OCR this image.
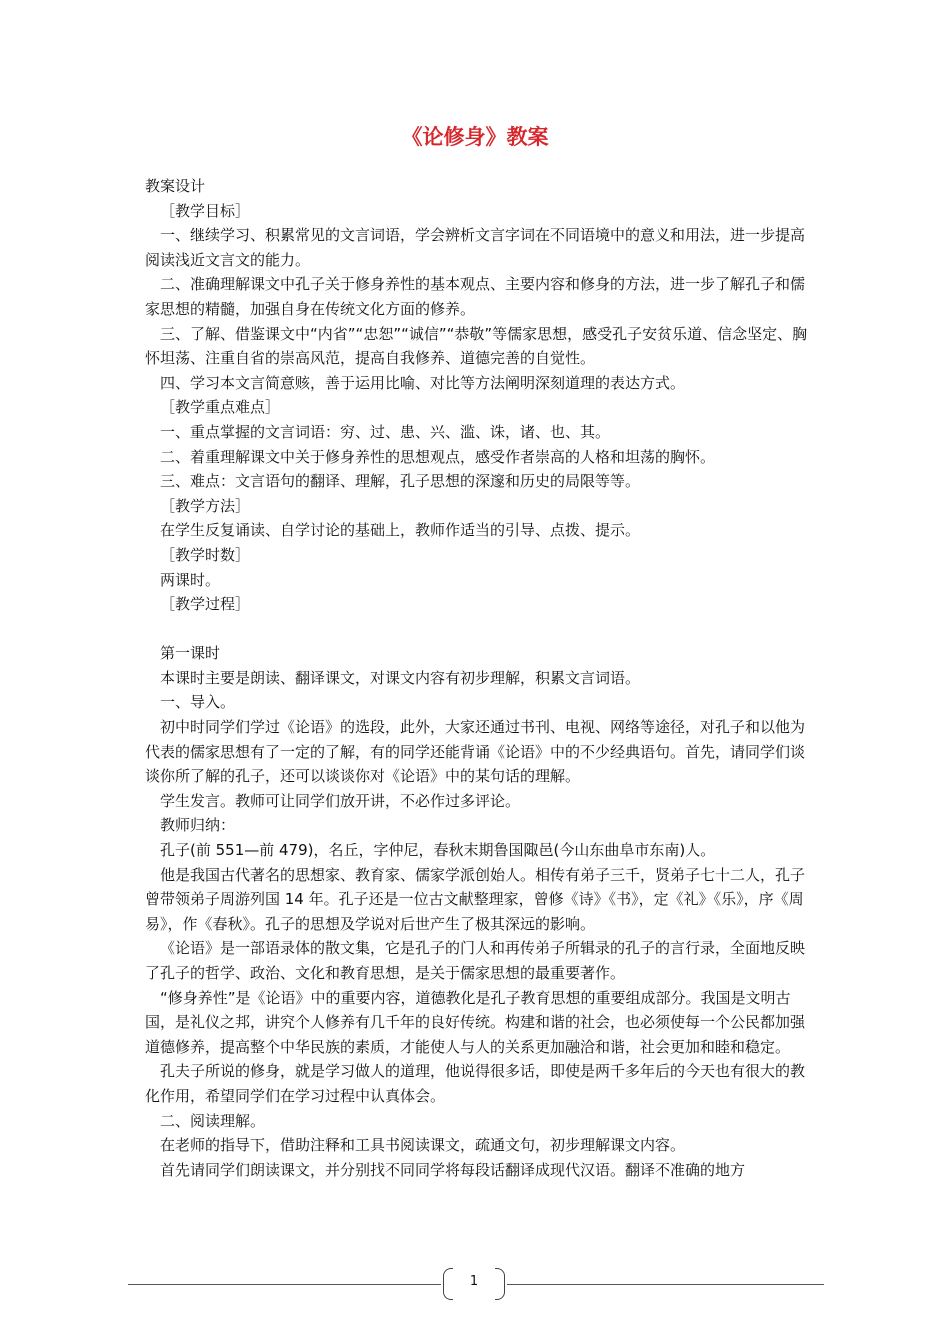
《论修身》教案

教案设计

［教学目标］

一、继续学习、积累常见的文言词语，学会辨析文言字词在不同语境中的意义和用法，进一步提高阅读浅近文言文的能力。

二、准确理解课文中孔子关于修身养性的基本观点、主要内容和修身的方法，进一步了解孔子和儒家思想的精髓，加强自身在传统文化方面的修养。

三、了解、借鉴课文中“内省”“忠恕”“诚信”“恭敬”等儒家思想，感受孔子安贫乐道、信念坚定、胸怀坦荡、注重自省的崇高风范，提高自我修养、道德完善的自觉性。

四、学习本文言简意赅，善于运用比喻、对比等方法阐明深刻道理的表达方式。

［教学重点难点］

一、重点掌握的文言词语：穷、过、患、兴、滥、诛，诸、也、其。

二、着重理解课文中关于修身养性的思想观点，感受作者崇高的人格和坦荡的胸怀。

三、难点：文言语句的翻译、理解，孔子思想的深邃和历史的局限等等。

［教学方法］

在学生反复诵读、自学讨论的基础上，教师作适当的引导、点拨、提示。

［教学时数］

两课时。

［教学过程］

第一课时

本课时主要是朗读、翻译课文，对课文内容有初步理解，积累文言词语。

一、导入。

初中时同学们学过《论语》的选段，此外，大家还通过书刊、电视、网络等途径，对孔子和以他为代表的儒家思想有了一定的了解，有的同学还能背诵《论语》中的不少经典语句。首先，请同学们谈谈你所了解的孔子，还可以谈谈你对《论语》中的某句话的理解。

学生发言。教师可让同学们放开讲，不必作过多评论。

教师归纳：

孔子(前 551—前 479)，名丘，字仲尼，春秋末期鲁国陬邑(今山东曲阜市东南)人。

他是我国古代著名的思想家、教育家、儒家学派创始人。相传有弟子三千，贤弟子七十二人，孔子曾带领弟子周游列国 14 年。孔子还是一位古文献整理家，曾修《诗》《书》，定《礼》《乐》，序《周易》，作《春秋》。孔子的思想及学说对后世产生了极其深远的影响。

《论语》是一部语录体的散文集，它是孔子的门人和再传弟子所辑录的孔子的言行录，全面地反映了孔子的哲学、政治、文化和教育思想，是关于儒家思想的最重要著作。

“修身养性”是《论语》中的重要内容，道德教化是孔子教育思想的重要组成部分。我国是文明古国，是礼仪之邦，讲究个人修养有几千年的良好传统。构建和谐的社会，也必须使每一个公民都加强道德修养，提高整个中华民族的素质，才能使人与人的关系更加融洽和谐，社会更加和睦和稳定。

孔夫子所说的修身，就是学习做人的道理，他说得很多话，即使是两千多年后的今天也有很大的教化作用，希望同学们在学习过程中认真体会。

二、阅读理解。

在老师的指导下，借助注释和工具书阅读课文，疏通文句，初步理解课文内容。

首先请同学们朗读课文，并分别找不同同学将每段话翻译成现代汉语。翻译不准确的地方

1
